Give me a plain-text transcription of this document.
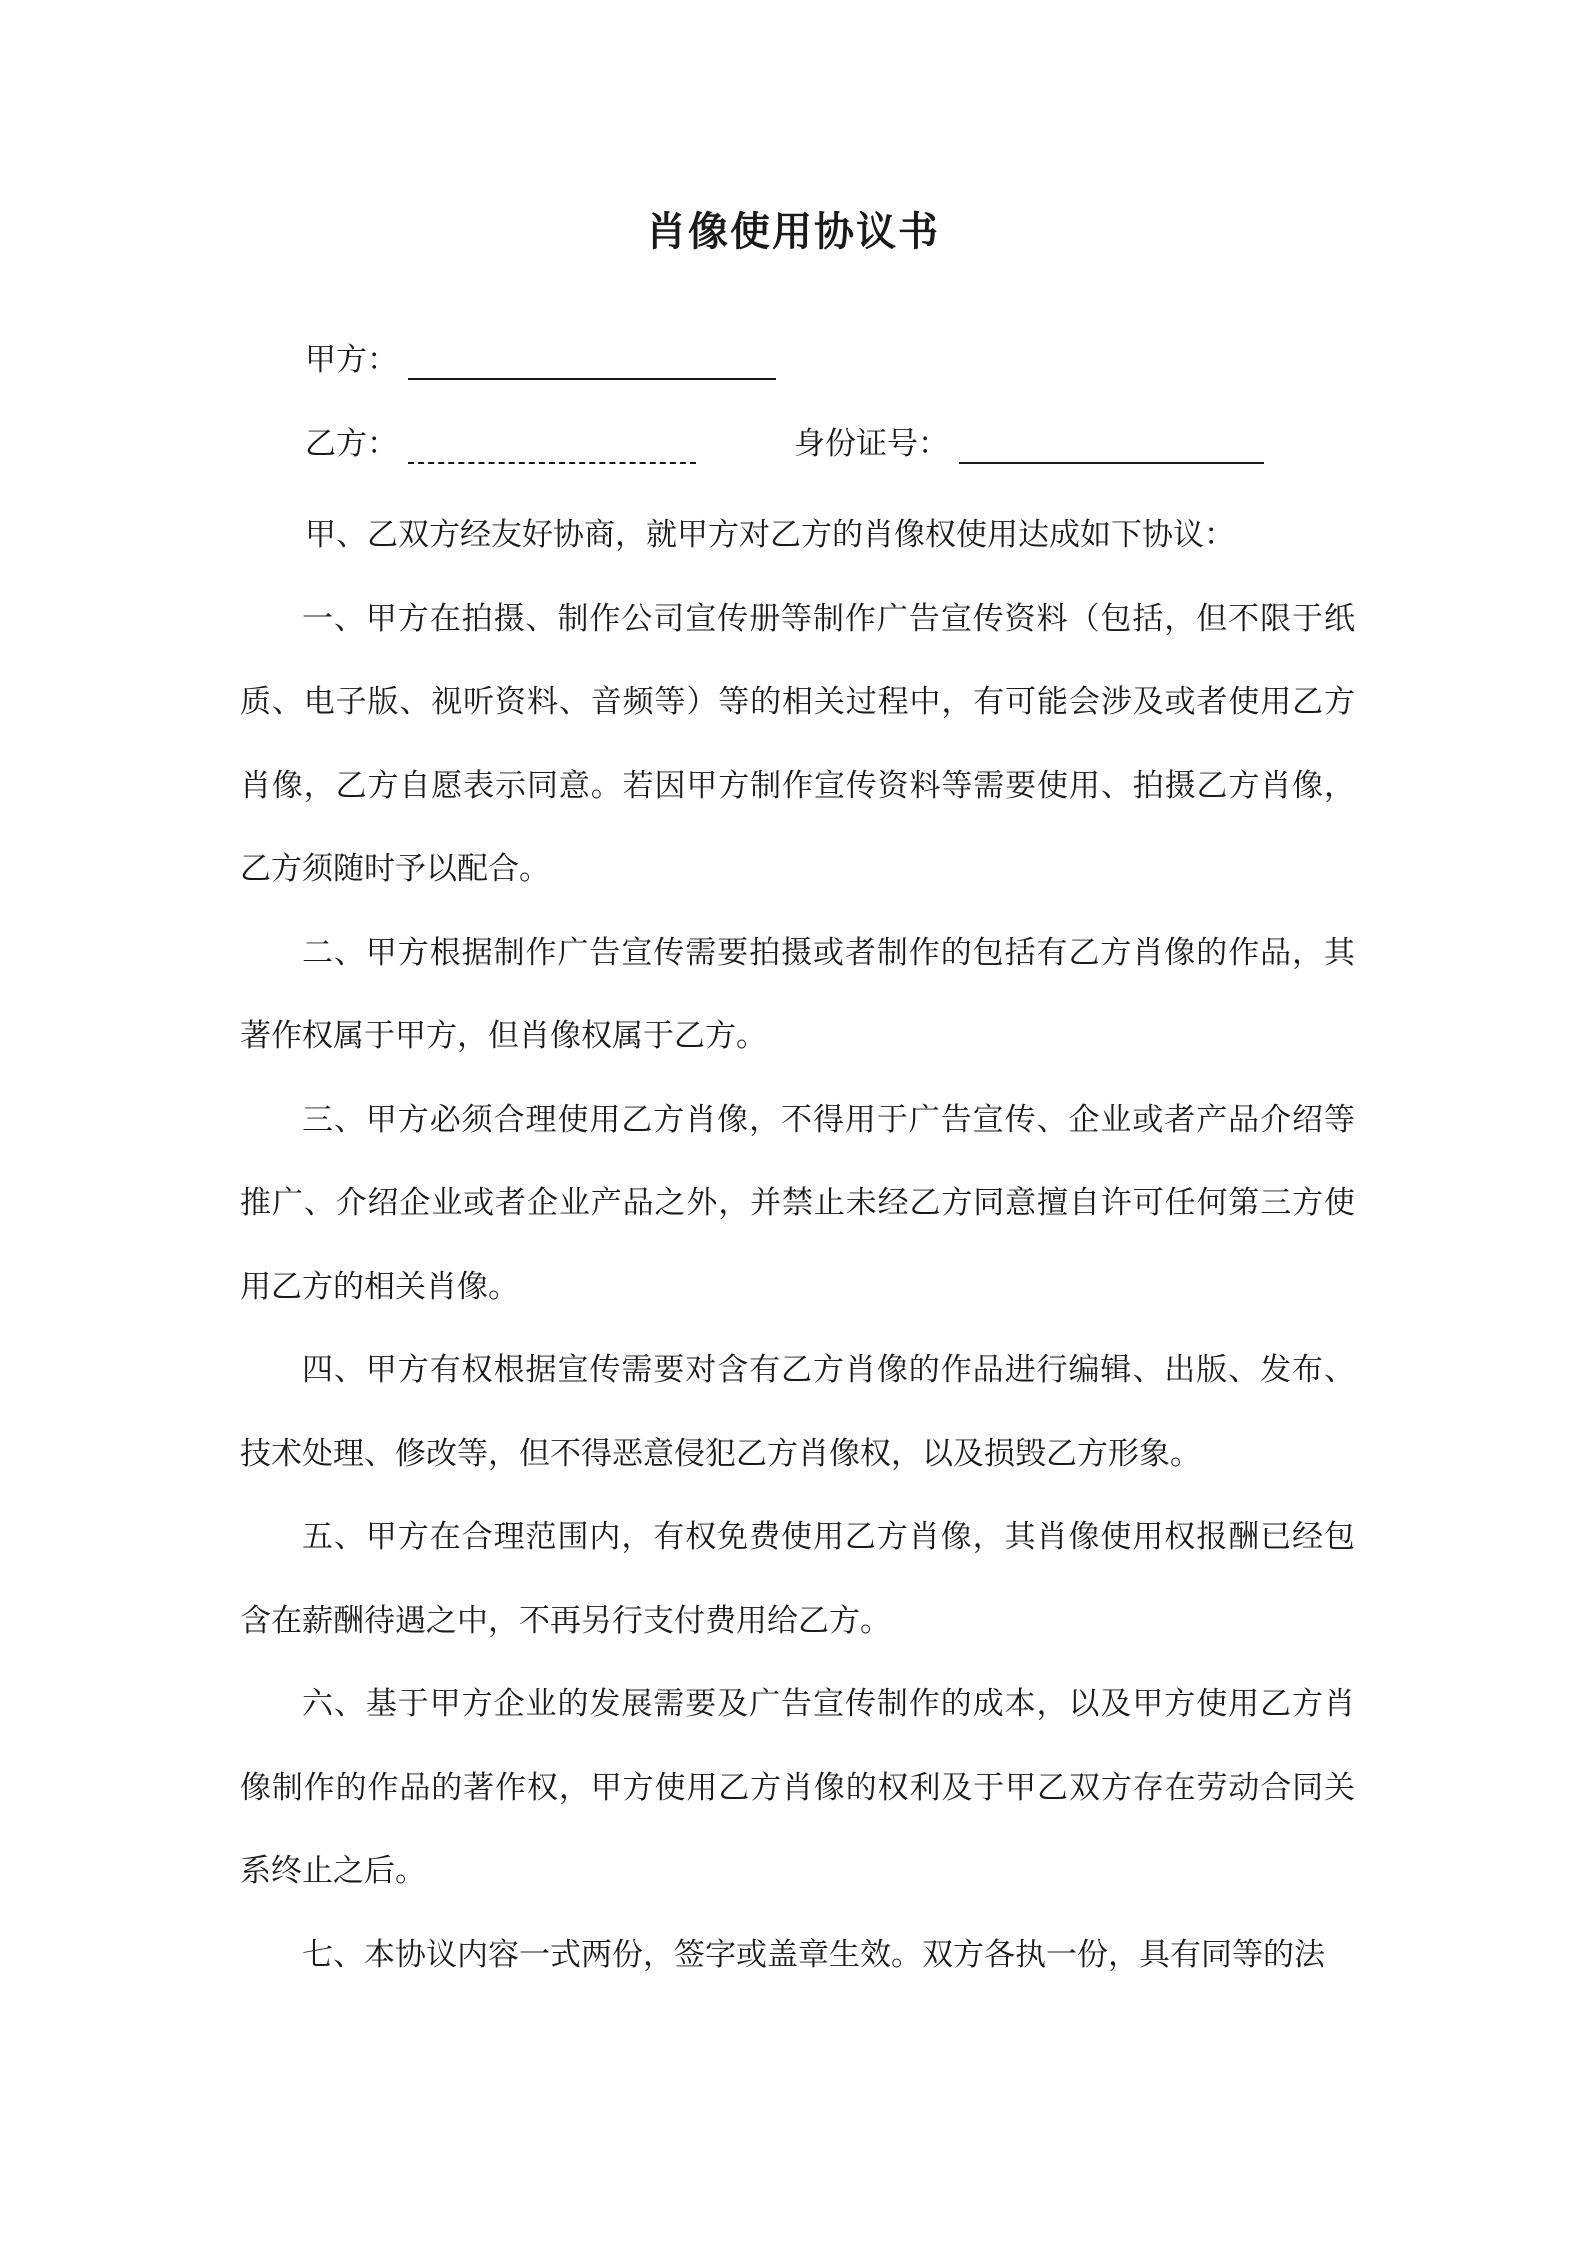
肖像使用协议书
甲方：
乙方：	身份证号：

甲、乙双方经友好协商，就甲方对乙方的肖像权使用达成如下协议：

一、甲方在拍摄、制作公司宣传册等制作广告宣传资料（包括，但不限于纸质、电子版、视听资料、音频等）等的相关过程中，有可能会涉及或者使用乙方肖像，乙方自愿表示同意。若因甲方制作宣传资料等需要使用、拍摄乙方肖像，乙方须随时予以配合。

二、甲方根据制作广告宣传需要拍摄或者制作的包括有乙方肖像的作品，其著作权属于甲方，但肖像权属于乙方。

三、甲方必须合理使用乙方肖像，不得用于广告宣传、企业或者产品介绍等推广、介绍企业或者企业产品之外，并禁止未经乙方同意擅自许可任何第三方使用乙方的相关肖像。

四、甲方有权根据宣传需要对含有乙方肖像的作品进行编辑、出版、发布、技术处理、修改等，但不得恶意侵犯乙方肖像权，以及损毁乙方形象。

五、甲方在合理范围内，有权免费使用乙方肖像，其肖像使用权报酬已经包含在薪酬待遇之中，不再另行支付费用给乙方。

六、基于甲方企业的发展需要及广告宣传制作的成本，以及甲方使用乙方肖像制作的作品的著作权，甲方使用乙方肖像的权利及于甲乙双方存在劳动合同关系终止之后。

七、本协议内容一式两份，签字或盖章生效。双方各执一份，具有同等的法
